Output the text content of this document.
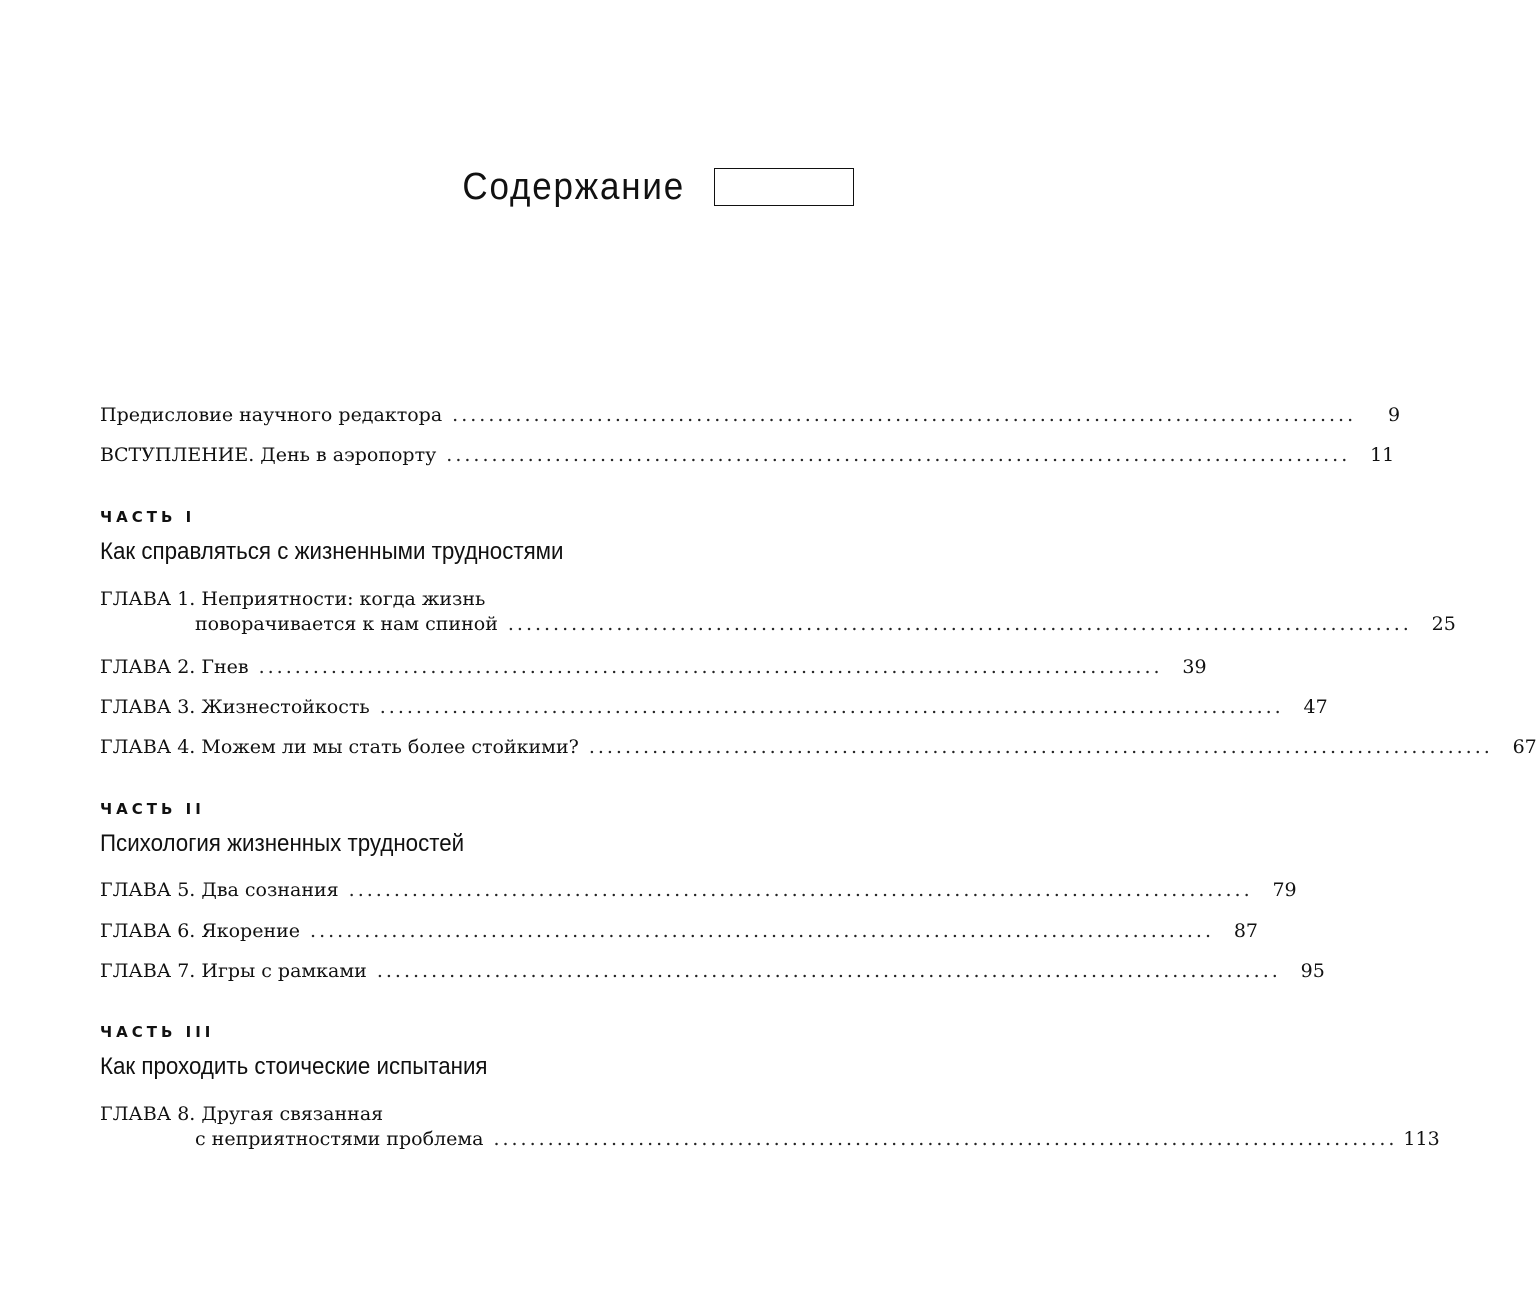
Содержание
Предисловие научного редактора ....................................................................................................	9
ВСТУПЛЕНИЕ. День в аэропорту .................................................................................................... 11
ЧАСТЬ I
Как справляться с жизненными трудностями
ГЛАВА 1. Неприятности: когда жизнь
поворачивается к нам спиной .................................................................................................... 25
ГЛАВА 2. Гнев .................................................................................................... 39
ГЛАВА 3. Жизнестойкость .................................................................................................... 47
ГЛАВА 4. Можем ли мы стать более стойкими? .................................................................................................... 67
ЧАСТЬ II
Психология жизненных трудностей
ГЛАВА 5. Два сознания .................................................................................................... 79
ГЛАВА 6. Якорение .................................................................................................... 87
ГЛАВА 7. Игры с рамками .................................................................................................... 95
ЧАСТЬ III
Как проходить стоические испытания
ГЛАВА 8. Другая связанная
с неприятностями проблема .................................................................................................... 113
